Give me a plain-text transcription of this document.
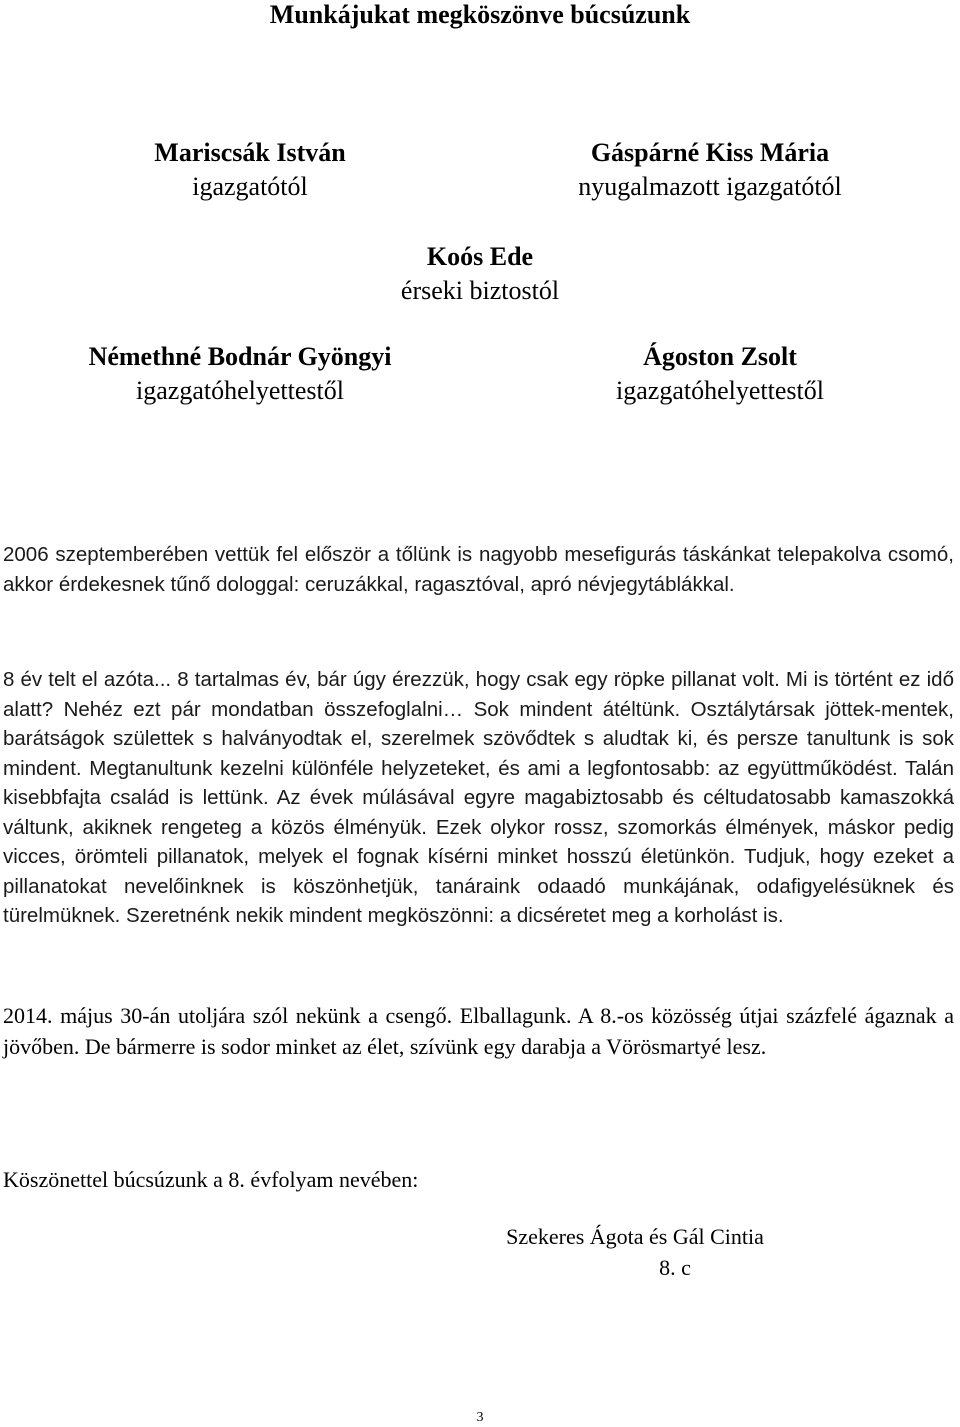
Munkájukat megköszönve búcsúzunk
Mariscsák István
igazgatótól
Gáspárné Kiss Mária
nyugalmazott igazgatótól
Koós Ede
érseki biztostól
Némethné Bodnár Gyöngyi
igazgatóhelyettestől
Ágoston Zsolt
igazgatóhelyettestől

2006 szeptemberében vettük fel először a tőlünk is nagyobb mesefigurás táskánkat telepakolva csomó, akkor érdekesnek tűnő dologgal: ceruzákkal, ragasztóval, apró névjegytáblákkal.

8 év telt el azóta... 8 tartalmas év, bár úgy érezzük, hogy csak egy röpke pillanat volt. Mi is történt ez idő alatt? Nehéz ezt pár mondatban összefoglalni… Sok mindent átéltünk. Osztálytársak jöttek-mentek, barátságok születtek s halványodtak el, szerelmek szövődtek s aludtak ki, és persze tanultunk is sok mindent. Megtanultunk kezelni különféle helyzeteket, és ami a legfontosabb: az együttműködést. Talán kisebbfajta család is lettünk. Az évek múlásával egyre magabiztosabb és céltudatosabb kamaszokká váltunk, akiknek rengeteg a közös élményük. Ezek olykor rossz, szomorkás élmények, máskor pedig vicces, örömteli pillanatok, melyek el fognak kísérni minket hosszú életünkön. Tudjuk, hogy ezeket a pillanatokat nevelőinknek is köszönhetjük, tanáraink odaadó munkájának, odafigyelésüknek és türelmüknek. Szeretnénk nekik mindent megköszönni: a dicséretet meg a korholást is.

2014. május 30-án utoljára szól nekünk a csengő. Elballagunk. A 8.-os közösség útjai százfelé ágaznak a jövőben. De bármerre is sodor minket az élet, szívünk egy darabja a Vörösmartyé lesz.

Köszönettel búcsúzunk a 8. évfolyam nevében:

Szekeres Ágota és Gál Cintia
8. c
3
